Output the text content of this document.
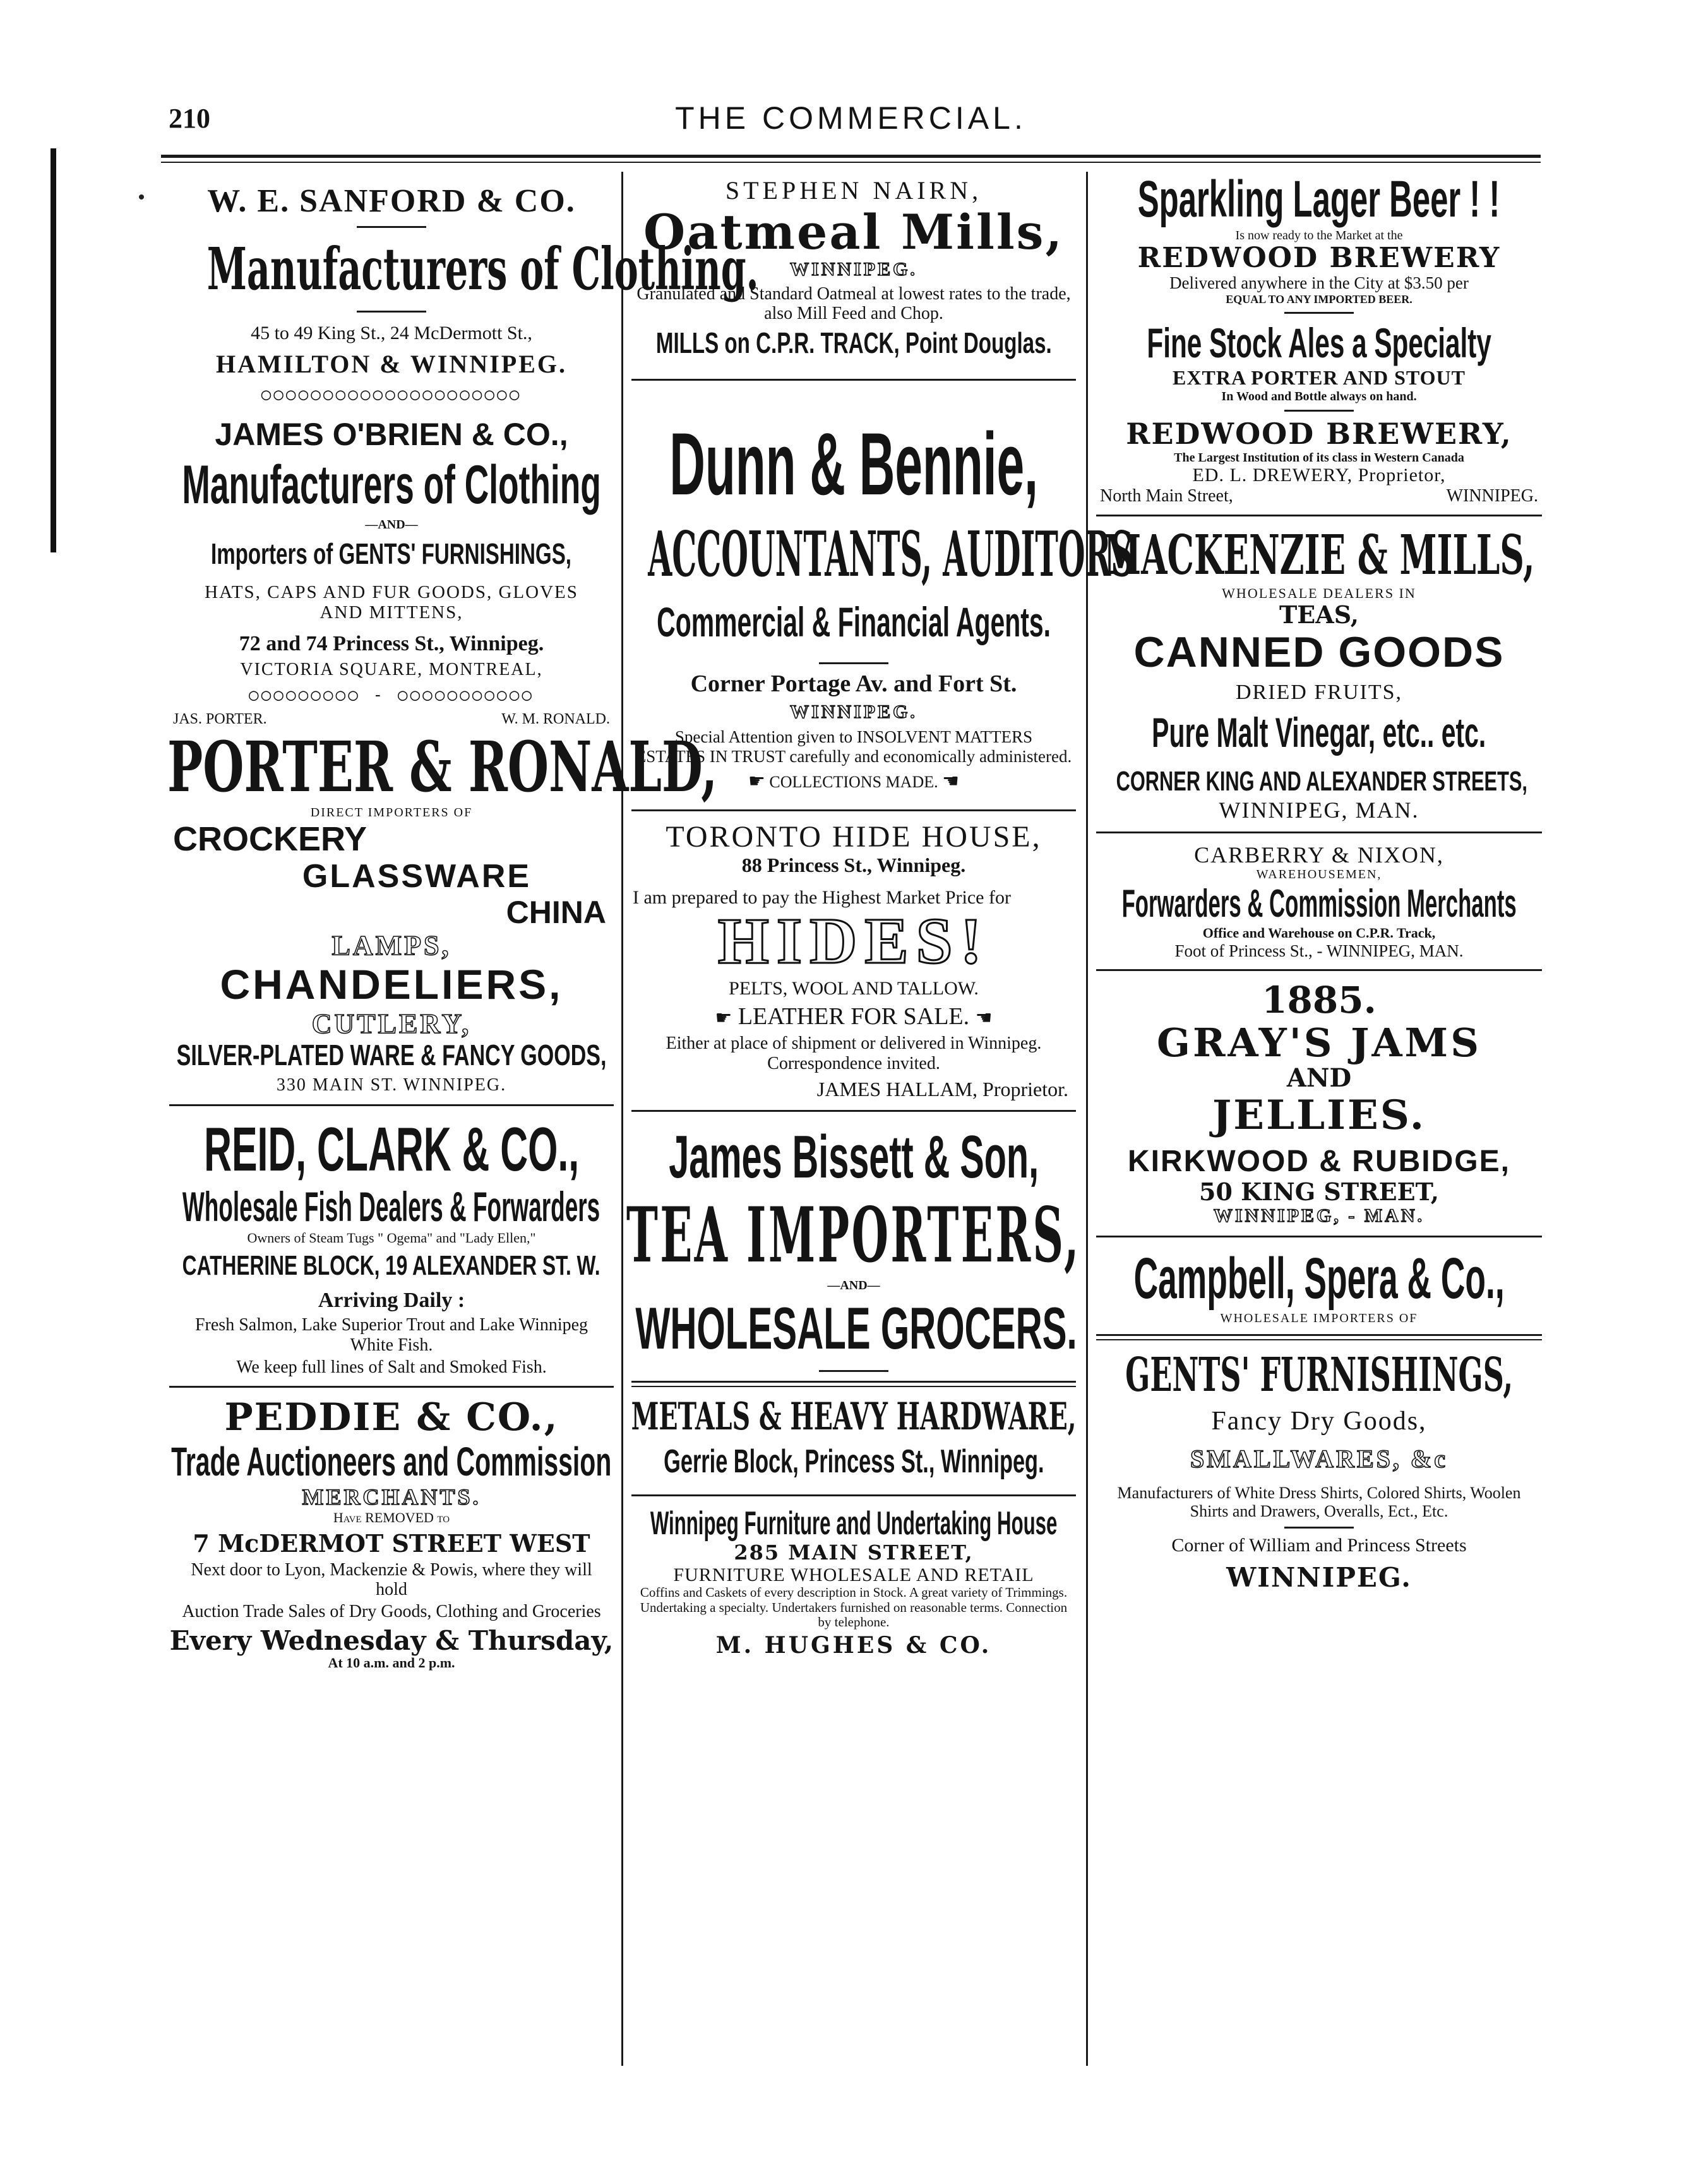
210	THE COMMERCIAL.
W. E. SANFORD & CO.
Manufacturers of Clothing.
45 to 49 King St., 24 McDermott St.,
HAMILTON & WINNIPEG.
○○○○○○○○○○○○○○○○○○○○○
JAMES O'BRIEN & CO.,
Manufacturers of Clothing
—AND—
Importers of GENTS' FURNISHINGS,
HATS, CAPS AND FUR GOODS, GLOVES AND MITTENS,
72 and 74 Princess St., Winnipeg.
VICTORIA SQUARE, MONTREAL,
○○○○○○○○○ - ○○○○○○○○○○○
JAS. PORTER.	W. M. RONALD.
PORTER & RONALD,
DIRECT IMPORTERS OF
CROCKERY
GLASSWARE
CHINA
LAMPS,
CHANDELIERS,
CUTLERY,
SILVER-PLATED WARE & FANCY GOODS,
330 MAIN ST. WINNIPEG.
REID, CLARK & CO., Wholesale Fish Dealers & Forwarders
Owners of Steam Tugs " Ogema" and "Lady Ellen,"
CATHERINE BLOCK, 19 ALEXANDER ST. W.
Arriving Daily :
Fresh Salmon, Lake Superior Trout and Lake Winnipeg White Fish.
We keep full lines of Salt and Smoked Fish.
PEDDIE & CO.,
Trade Auctioneers and Commission
MERCHANTS.
Have REMOVED to
7 McDERMOT STREET WEST
Next door to Lyon, Mackenzie & Powis, where they will hold
Auction Trade Sales of Dry Goods, Clothing and Groceries
Every Wednesday & Thursday,
At 10 a.m. and 2 p.m.
STEPHEN NAIRN,
Oatmeal Mills,
WINNIPEG.
Granulated and Standard Oatmeal at lowest rates to the trade, also Mill Feed and Chop.
MILLS on C.P.R. TRACK, Point Douglas.
Dunn & Bennie, ACCOUNTANTS, AUDITORS Commercial & Financial Agents.
Corner Portage Av. and Fort St.
WINNIPEG.
Special Attention given to INSOLVENT MATTERS
ESTATES IN TRUST carefully and economically administered.
☛ COLLECTIONS MADE. ☚
TORONTO HIDE HOUSE,
88 Princess St., Winnipeg.
I am prepared to pay the Highest Market Price for
HIDES!
PELTS, WOOL AND TALLOW.
☛ LEATHER FOR SALE. ☚
Either at place of shipment or delivered in Winnipeg. Correspondence invited.
JAMES HALLAM, Proprietor.
James Bissett & Son, TEA IMPORTERS,
—AND—
WHOLESALE GROCERS.
METALS & HEAVY HARDWARE, Gerrie Block, Princess St., Winnipeg.
Winnipeg Furniture and Undertaking House
285 MAIN STREET,
FURNITURE WHOLESALE AND RETAIL
Coffins and Caskets of every description in Stock. A great variety of Trimmings.
Undertaking a specialty. Undertakers furnished on reasonable terms. Connection by telephone.
M. HUGHES & CO.
Sparkling Lager Beer ! !
Is now ready to the Market at the
REDWOOD BREWERY
Delivered anywhere in the City at $3.50 per
EQUAL TO ANY IMPORTED BEER.
Fine Stock Ales a Specialty
EXTRA PORTER AND STOUT
In Wood and Bottle always on hand.
REDWOOD BREWERY,
The Largest Institution of its class in Western Canada
ED. L. DREWERY, Proprietor,
North Main Street,	WINNIPEG.
MACKENZIE & MILLS,
WHOLESALE DEALERS IN
TEAS,
CANNED GOODS
DRIED FRUITS,
Pure Malt Vinegar, etc.. etc. CORNER KING AND ALEXANDER STREETS,
WINNIPEG, MAN.
CARBERRY & NIXON,
WAREHOUSEMEN,
Forwarders & Commission Merchants
Office and Warehouse on C.P.R. Track,
Foot of Princess St., - WINNIPEG, MAN.
1885.
GRAY'S JAMS
AND
JELLIES.
KIRKWOOD & RUBIDGE,
50 KING STREET,
WINNIPEG, - MAN.
Campbell, Spera & Co.,
WHOLESALE IMPORTERS OF
GENTS' FURNISHINGS,
Fancy Dry Goods,
SMALLWARES, &c
Manufacturers of White Dress Shirts, Colored Shirts, Woolen Shirts and Drawers, Overalls, Ect., Etc.
Corner of William and Princess Streets
WINNIPEG.
